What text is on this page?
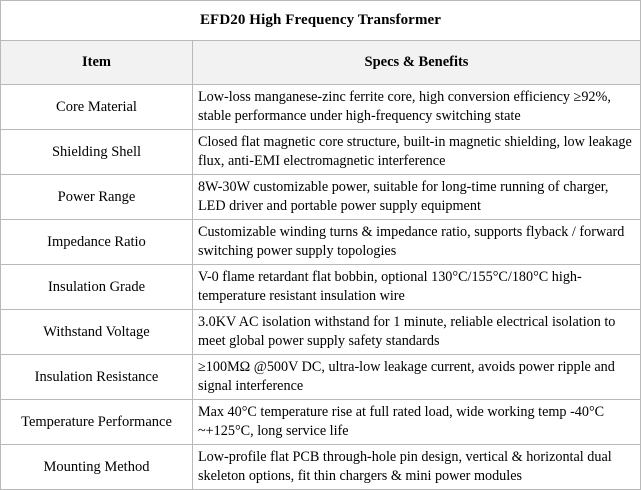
EFD20 High Frequency Transformer	
Item	Specs & Benefits
Core Material	Low-loss manganese-zinc ferrite core, high conversion efficiency ≥92%, stable performance under high-frequency switching state
Shielding Shell	Closed flat magnetic core structure, built-in magnetic shielding, low leakage flux, anti-EMI electromagnetic interference
Power Range	8W-30W customizable power, suitable for long-time running of charger, LED driver and portable power supply equipment
Impedance Ratio	Customizable winding turns & impedance ratio, supports flyback / forward switching power supply topologies
Insulation Grade	V-0 flame retardant flat bobbin, optional 130°C/155°C/180°C high-temperature resistant insulation wire
Withstand Voltage	3.0KV AC isolation withstand for 1 minute, reliable electrical isolation to meet global power supply safety standards
Insulation Resistance	≥100MΩ @500V DC, ultra-low leakage current, avoids power ripple and signal interference
Temperature Performance	Max 40°C temperature rise at full rated load, wide working temp -40°C ~+125°C, long service life
Mounting Method	Low-profile flat PCB through-hole pin design, vertical & horizontal dual skeleton options, fit thin chargers & mini power modules
